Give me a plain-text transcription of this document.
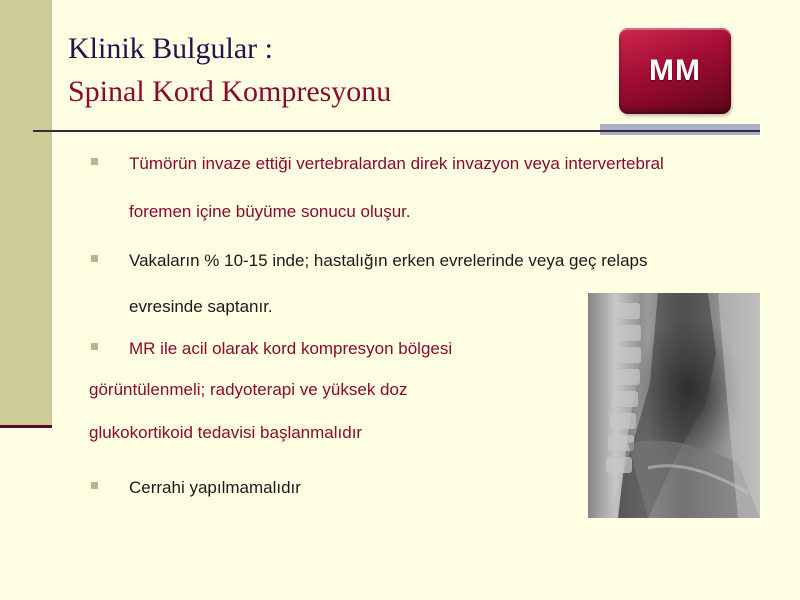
Klinik Bulgular :
Spinal Kord Kompresyonu
MM

Tümörün invaze ettiği vertebralardan direk invazyon veya intervertebral

foremen içine büyüme sonucu oluşur.

Vakaların % 10-15 inde; hastalığın erken evrelerinde veya geç relaps

evresinde saptanır.

MR ile acil olarak kord kompresyon bölgesi

görüntülenmeli; radyoterapi ve yüksek doz

glukokortikoid tedavisi başlanmalıdır

Cerrahi yapılmamalıdır
